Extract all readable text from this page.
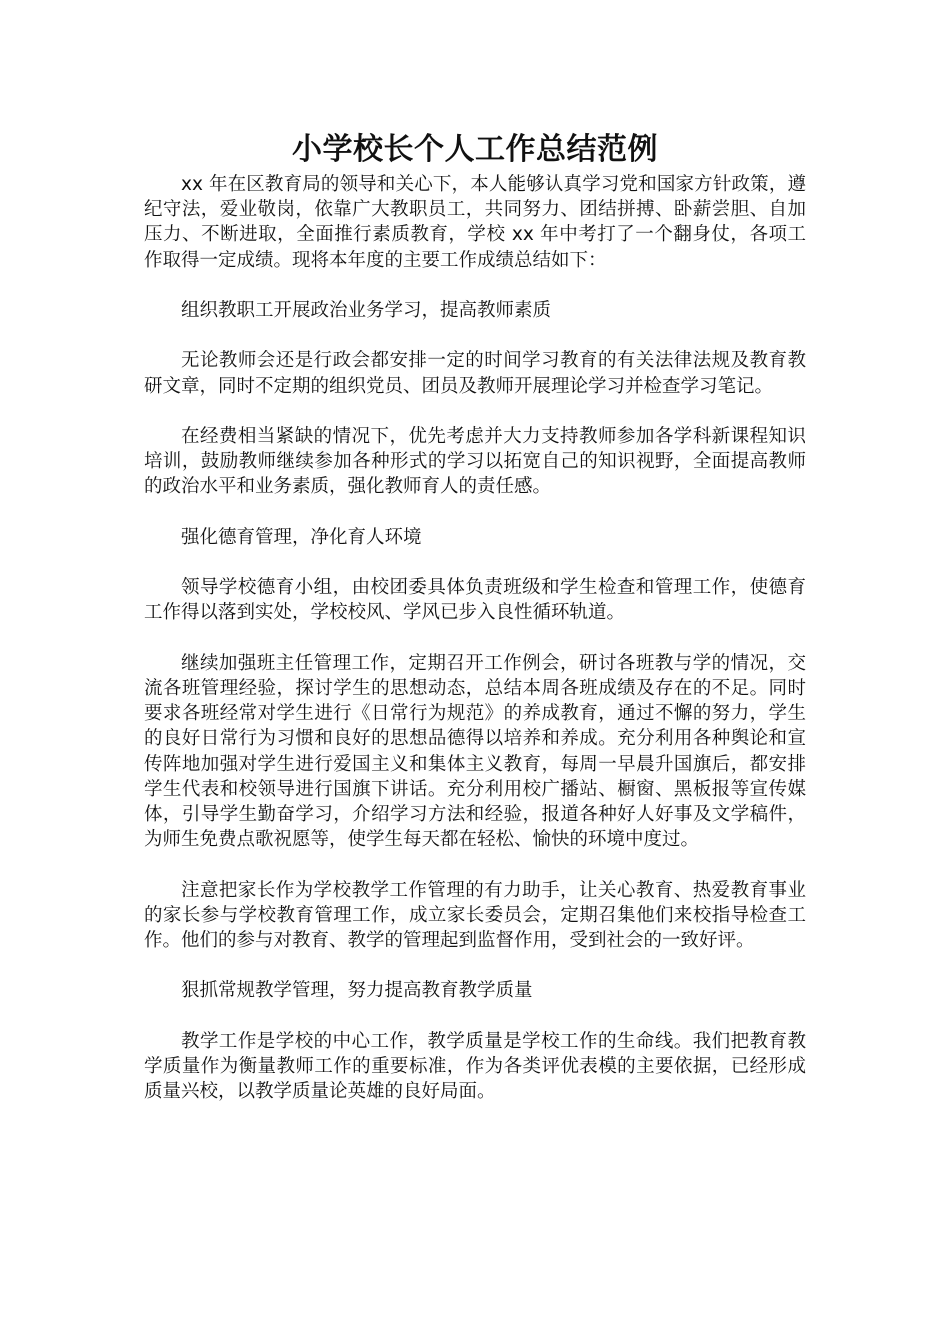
小学校长个人工作总结范例

xx 年在区教育局的领导和关心下，本人能够认真学习党和国家方针政策，遵纪守法，爱业敬岗，依靠广大教职员工，共同努力、团结拼搏、卧薪尝胆、自加压力、不断进取，全面推行素质教育，学校 xx 年中考打了一个翻身仗，各项工作取得一定成绩。现将本年度的主要工作成绩总结如下：

组织教职工开展政治业务学习，提高教师素质

无论教师会还是行政会都安排一定的时间学习教育的有关法律法规及教育教研文章，同时不定期的组织党员、团员及教师开展理论学习并检查学习笔记。

在经费相当紧缺的情况下，优先考虑并大力支持教师参加各学科新课程知识培训，鼓励教师继续参加各种形式的学习以拓宽自己的知识视野，全面提高教师的政治水平和业务素质，强化教师育人的责任感。

强化德育管理，净化育人环境

领导学校德育小组，由校团委具体负责班级和学生检查和管理工作，使德育工作得以落到实处，学校校风、学风已步入良性循环轨道。

继续加强班主任管理工作，定期召开工作例会，研讨各班教与学的情况，交流各班管理经验，探讨学生的思想动态，总结本周各班成绩及存在的不足。同时要求各班经常对学生进行《日常行为规范》的养成教育，通过不懈的努力，学生的良好日常行为习惯和良好的思想品德得以培养和养成。充分利用各种舆论和宣传阵地加强对学生进行爱国主义和集体主义教育，每周一早晨升国旗后，都安排学生代表和校领导进行国旗下讲话。充分利用校广播站、橱窗、黑板报等宣传媒体，引导学生勤奋学习，介绍学习方法和经验，报道各种好人好事及文学稿件，为师生免费点歌祝愿等，使学生每天都在轻松、愉快的环境中度过。

注意把家长作为学校教学工作管理的有力助手，让关心教育、热爱教育事业的家长参与学校教育管理工作，成立家长委员会，定期召集他们来校指导检查工作。他们的参与对教育、教学的管理起到监督作用，受到社会的一致好评。

狠抓常规教学管理，努力提高教育教学质量

教学工作是学校的中心工作，教学质量是学校工作的生命线。我们把教育教学质量作为衡量教师工作的重要标准，作为各类评优表模的主要依据，已经形成质量兴校，以教学质量论英雄的良好局面。
